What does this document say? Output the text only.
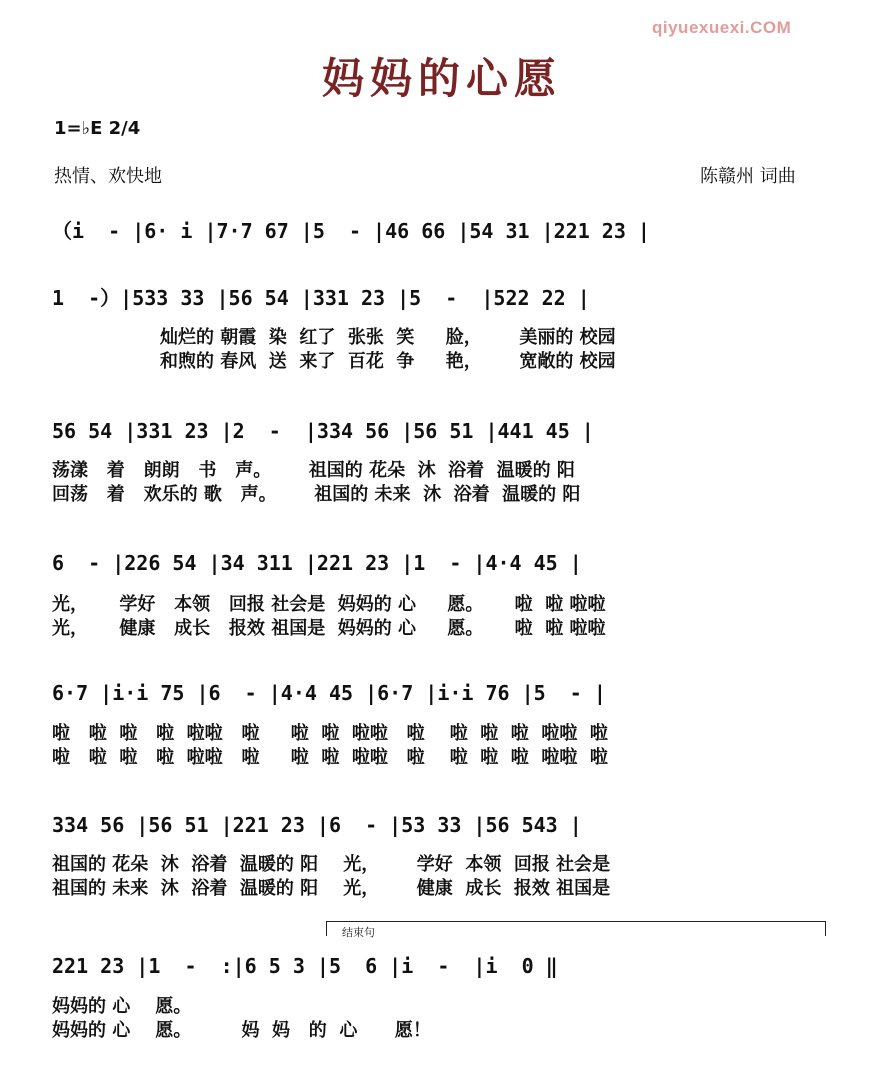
qiyuexuexi.COM
妈妈的心愿
1=♭E 2/4
热情、欢快地	陈赣州 词曲
（i  - |6· i |7·7 67 |5  - |46 66 |54 31 |221 23 |
1  -）|533 33 |56 54 |331 23 |5  -  |522 22 |
灿烂的 朝霞  染  红了  张张  笑     脸，      美丽的 校园
和煦的 春风  送  来了  百花  争     艳，      宽敞的 校园
56 54 |331 23 |2  -  |334 56 |56 51 |441 45 |
荡漾   着   朗朗   书   声。      祖国的 花朵  沐  浴着  温暖的 阳
回荡   着   欢乐的 歌   声。      祖国的 未来  沐  浴着  温暖的 阳
6  - |226 54 |34 311 |221 23 |1  - |4·4 45 |
光，     学好   本领   回报 社会是  妈妈的 心     愿。     啦  啦 啦啦
光，     健康   成长   报效 祖国是  妈妈的 心     愿。     啦  啦 啦啦
6·7 |i·i 75 |6  - |4·4 45 |6·7 |i·i 76 |5  - |
啦   啦  啦   啦  啦啦   啦     啦  啦  啦啦   啦    啦  啦  啦  啦啦  啦
啦   啦  啦   啦  啦啦   啦     啦  啦  啦啦   啦    啦  啦  啦  啦啦  啦
334 56 |56 51 |221 23 |6  - |53 33 |56 543 |
祖国的 花朵  沐  浴着  温暖的 阳    光，      学好  本领  回报 社会是
祖国的 未来  沐  浴着  温暖的 阳    光，      健康  成长  报效 祖国是
结束句
221 23 |1  -  :|6 5 3 |5  6 |i  -  |i  0 ‖
妈妈的 心    愿。
妈妈的 心    愿。        妈  妈   的  心      愿！
